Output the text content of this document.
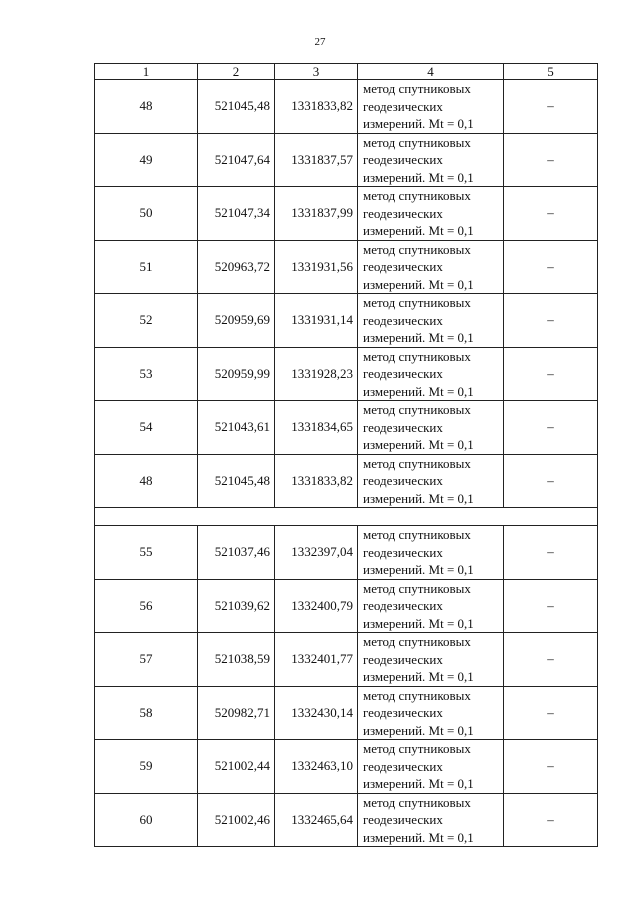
27
1	2	3	4	5
48	521045,48	1331833,82	метод спутниковых
геодезических
измерений. Mt = 0,1	–
49	521047,64	1331837,57	метод спутниковых
геодезических
измерений. Mt = 0,1	–
50	521047,34	1331837,99	метод спутниковых
геодезических
измерений. Mt = 0,1	–
51	520963,72	1331931,56	метод спутниковых
геодезических
измерений. Mt = 0,1	–
52	520959,69	1331931,14	метод спутниковых
геодезических
измерений. Mt = 0,1	–
53	520959,99	1331928,23	метод спутниковых
геодезических
измерений. Mt = 0,1	–
54	521043,61	1331834,65	метод спутниковых
геодезических
измерений. Mt = 0,1	–
48	521045,48	1331833,82	метод спутниковых
геодезических
измерений. Mt = 0,1	–

55	521037,46	1332397,04	метод спутниковых
геодезических
измерений. Mt = 0,1	–
56	521039,62	1332400,79	метод спутниковых
геодезических
измерений. Mt = 0,1	–
57	521038,59	1332401,77	метод спутниковых
геодезических
измерений. Mt = 0,1	–
58	520982,71	1332430,14	метод спутниковых
геодезических
измерений. Mt = 0,1	–
59	521002,44	1332463,10	метод спутниковых
геодезических
измерений. Mt = 0,1	–
60	521002,46	1332465,64	метод спутниковых
геодезических
измерений. Mt = 0,1	–
